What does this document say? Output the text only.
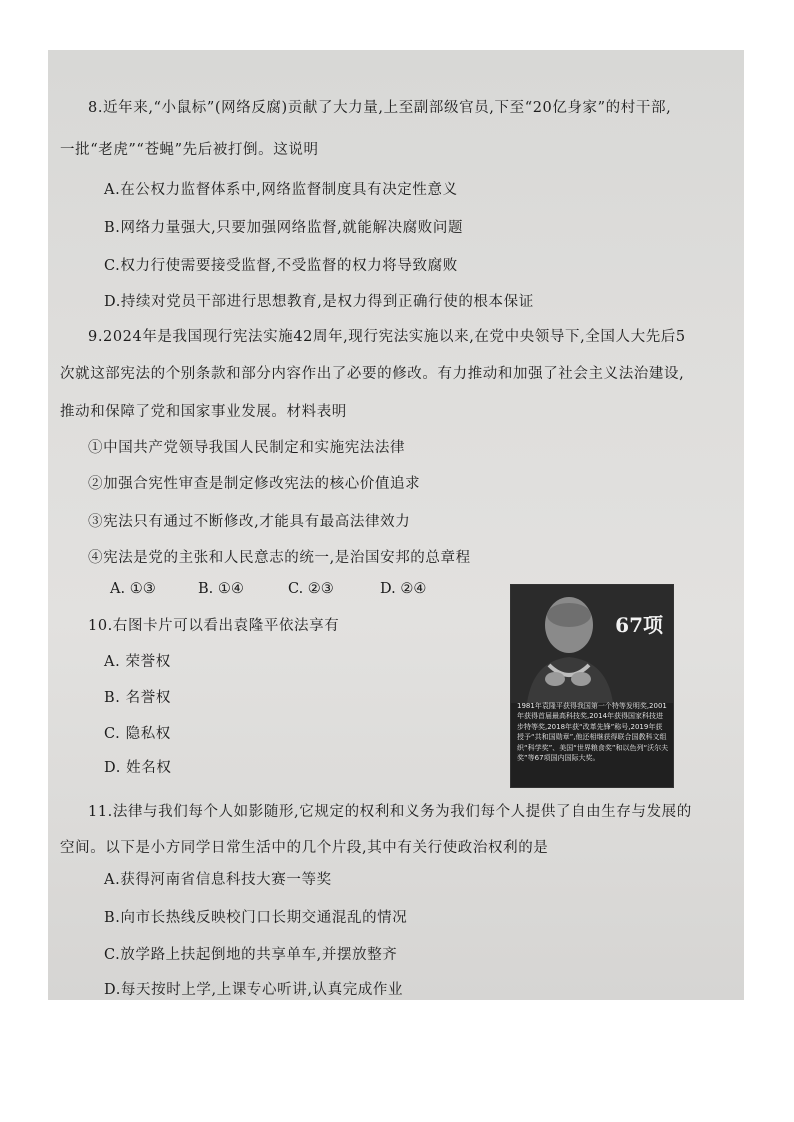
8.近年来,“小鼠标”(网络反腐)贡献了大力量,上至副部级官员,下至“20亿身家”的村干部,
一批“老虎”“苍蝇”先后被打倒。这说明
A.在公权力监督体系中,网络监督制度具有决定性意义
B.网络力量强大,只要加强网络监督,就能解决腐败问题
C.权力行使需要接受监督,不受监督的权力将导致腐败
D.持续对党员干部进行思想教育,是权力得到正确行使的根本保证
9.2024年是我国现行宪法实施42周年,现行宪法实施以来,在党中央领导下,全国人大先后5
次就这部宪法的个别条款和部分内容作出了必要的修改。有力推动和加强了社会主义法治建设,
推动和保障了党和国家事业发展。材料表明
①中国共产党领导我国人民制定和实施宪法法律
②加强合宪性审查是制定修改宪法的核心价值追求
③宪法只有通过不断修改,才能具有最高法律效力
④宪法是党的主张和人民意志的统一,是治国安邦的总章程
A. ①③	B. ①④	C. ②③	D. ②④
10.右图卡片可以看出袁隆平依法享有
A. 荣誉权
B. 名誉权
C. 隐私权
D. 姓名权
67项
1981年袁隆平获得我国第一个特等发明奖,2001年获得首届最高科技奖,2014年获得国家科技进步特等奖,2018年获“改革先锋”称号,2019年获授予“共和国勋章”,他还相继获得联合国教科文组织“科学奖”、美国“世界粮食奖”和以色列“沃尔夫奖”等67项国内国际大奖。
11.法律与我们每个人如影随形,它规定的权利和义务为我们每个人提供了自由生存与发展的
空间。以下是小方同学日常生活中的几个片段,其中有关行使政治权利的是
A.获得河南省信息科技大赛一等奖
B.向市长热线反映校门口长期交通混乱的情况
C.放学路上扶起倒地的共享单车,并摆放整齐
D.每天按时上学,上课专心听讲,认真完成作业
